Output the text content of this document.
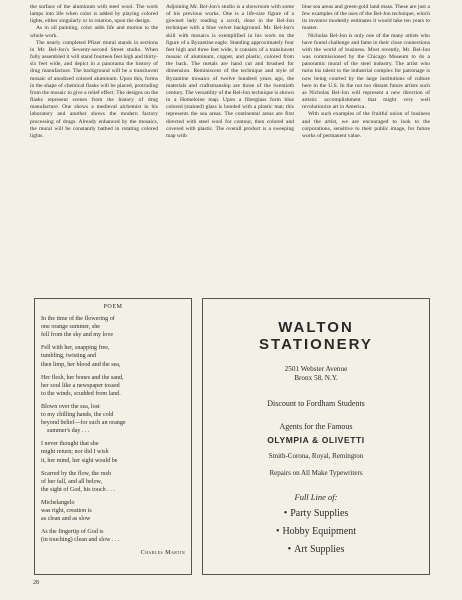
the surface of the aluminum with steel wool. The work lamps into life when color is added by playing colored lights, either singularly or in rotation, upon the design.

As in oil painting, color adds life and motion to the whole work.

The nearly completed Pfizer mural stands in sections in Mr. Bel-Jon's Seventy-second Street studio. When fully assembled it will stand fourteen feet high and thirty-six feet wide, and depict in a panorama the history of drug manufacture. The background will be a translucent mosaic of anodized colored aluminum. Upon this, forms in the shape of chemical flasks will be placed, protruding from the mosaic to give a relief effect. The designs on the flasks represent scenes from the history of drug manufacture. One shows a medieval alchemist in his laboratory and another shows the modern factory processing of drugs. Already enhanced by the mosaics, the mural will be constantly bathed in rotating colored lights.

Adjoining Mr. Bel-Jon's studio is a showroom with some of his previous works. One is a life-size figure of a gowned lady reading a scroll, done in the Bel-Jon technique with a blue velvet background. Mr. Bel-Jon's skill with mosaics is exemplified in his work on the figure of a Byzantine eagle. Standing approximately four feet high and three feet wide, it consists of a translucent mosaic of aluminum, copper, and plastic, colored from the back. The metals are hand cut and brushed for dimension. Reminiscent of the technique and style of Byzantine mosaics of twelve hundred years ago, the materials and craftsmanship are those of the twentieth century. The versatility of the Bel-Jon technique is shown in a Homeloine map. Upon a fiberglass form blue colored (stained) glass is bonded with a plastic mat; this represents the sea areas. The continental areas are first directed with steel wool for contour, then colored and covered with plastic. The overall product is a sweeping map with

blue sea areas and green-gold land mass. These are just a few examples of the uses of the Bel-Jon technique, which its inventor modestly estimates it would take ten years to master.

Nicholas Bel-Jon is only one of the many artists who have found challenge and fame in their close connections with the world of business. Most recently, Mr. Bel-Jon was commissioned by the Chicago Museum to do a panoramic mural of the steel industry. The artist who turns his talent to the industrial complex for patronage is now being courted by the large institutions of culture here in the U.S. In the not too distant future artists such as Nicholas Bel-Jon will represent a new direction of artistic accomplishment that might very well revolutionize art in America.

With such examples of the fruitful union of business and the artist, we are encouraged to look to the corporations, sensitive to their public image, for future works of permanent value.

POEM
In the time of the flowering of
one orange summer, she
fell from the sky and my love
Fell with her, snapping free,
tumbling, twisting and
then limp, her blood and the sea,
Her flesh, her bones and the sand,
her soul like a newspaper tossed
to the winds, scudded from land.
Blown over the sea, lost
to my chilling hands, the cold
beyond belief—for such an orange
summer's day . . .
I never thought that she
might return; nor did I wish
it, her mind, her sight would be
Scarred by the flow, the rush
of her fall, and all below,
the sight of God, his touch . . .
Michelangelo
was right, creation is
as clean and as slow
As the fingertip of God is
(in touching) clean and slow . . .
Charles Martin
WALTON
STATIONERY
2501 Webster Avenue
Bronx 58, N.Y.
Discount to Fordham Students
Agents for the Famous
OLYMPIA & OLIVETTI
Smith-Corona, Royal, Remington
Repairs on All Make Typewriters
Full Line of:
• Party Supplies
• Hobby Equipment
• Art Supplies
28
